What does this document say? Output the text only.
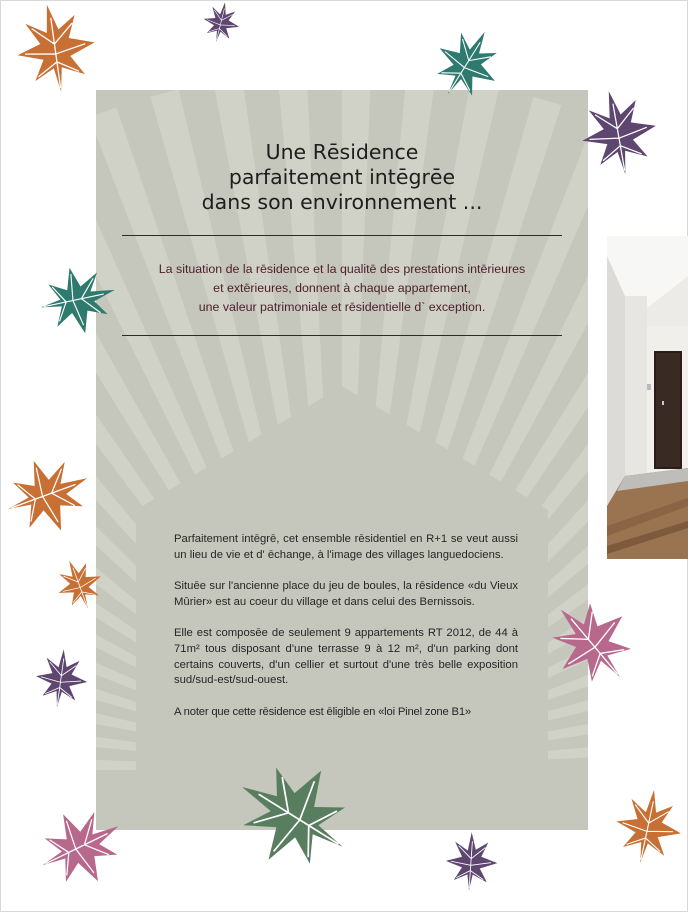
Une Rēsidence
parfaitement intēgrēe
dans son environnement ...
La situation de la rēsidence et la qualitē des prestations intērieures
et extērieures, donnent à chaque appartement,
une valeur patrimoniale et rēsidentielle d` exception.

Parfaitement intēgrē, cet ensemble rēsidentiel en R+1 se veut aussi un lieu de vie et d' ēchange, à l'image des villages languedociens.

Situēe sur l'ancienne place du jeu de boules, la rēsidence «du Vieux Mûrier» est au coeur du village et dans celui des Bernissois.

Elle est composēe de seulement 9 appartements RT 2012, de 44 à 71m² tous disposant d'une terrasse 9 à 12 m², d'un parking dont certains couverts, d'un cellier et surtout d'une très belle exposition sud/sud-est/sud-ouest.

A noter que cette rēsidence est ēligible en «loi Pinel zone B1»
